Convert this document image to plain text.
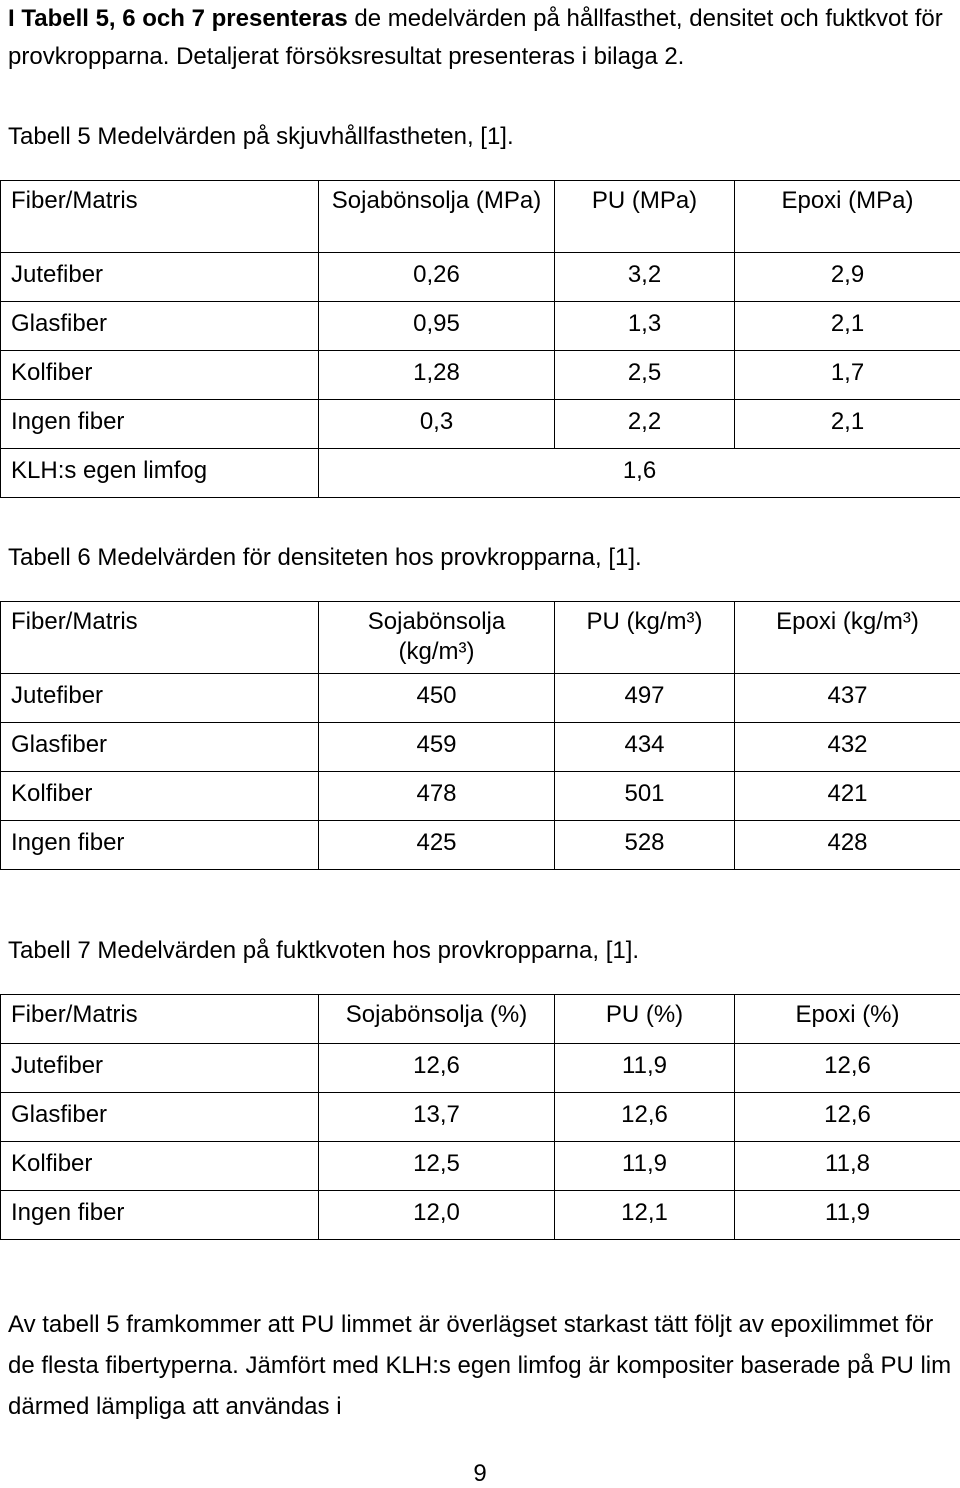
I Tabell 5, 6 och 7 presenteras de medelvärden på hållfasthet, densitet och fuktkvot för provkropparna. Detaljerat försöksresultat presenteras i bilaga 2.
Tabell 5 Medelvärden på skjuvhållfastheten, [1].
Fiber/Matris	Sojabönsolja (MPa)	PU (MPa)	Epoxi (MPa)
Jutefiber	0,26	3,2	2,9
Glasfiber	0,95	1,3	2,1
Kolfiber	1,28	2,5	1,7
Ingen fiber	0,3	2,2	2,1
KLH:s egen limfog	1,6		
Tabell 6 Medelvärden för densiteten hos provkropparna, [1].
Fiber/Matris	Sojabönsolja (kg/m³)	PU (kg/m³)	Epoxi (kg/m³)
Jutefiber	450	497	437
Glasfiber	459	434	432
Kolfiber	478	501	421
Ingen fiber	425	528	428
Tabell 7 Medelvärden på fuktkvoten hos provkropparna, [1].
Fiber/Matris	Sojabönsolja (%)	PU (%)	Epoxi (%)
Jutefiber	12,6	11,9	12,6
Glasfiber	13,7	12,6	12,6
Kolfiber	12,5	11,9	11,8
Ingen fiber	12,0	12,1	11,9
Av tabell 5 framkommer att PU limmet är överlägset starkast tätt följt av epoxilimmet för de flesta fibertyperna. Jämfört med KLH:s egen limfog är kompositer baserade på PU lim därmed lämpliga att användas i
9
